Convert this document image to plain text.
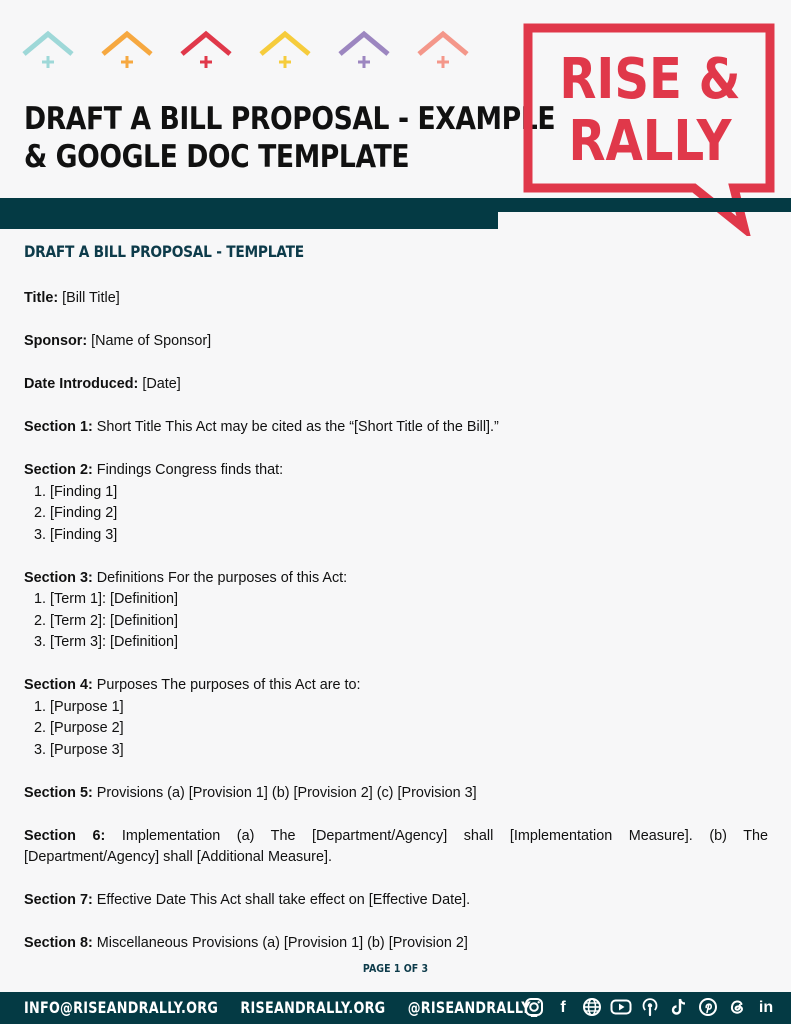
DRAFT A BILL PROPOSAL - EXAMPLE
& GOOGLE DOC TEMPLATE
RISE &
RALLY
DRAFT A BILL PROPOSAL - TEMPLATE

Title: [Bill Title]

Sponsor: [Name of Sponsor]

Date Introduced: [Date]

Section 1: Short Title This Act may be cited as the “[Short Title of the Bill].”

Section 2: Findings Congress finds that:
1. [Finding 1]
2. [Finding 2]
3. [Finding 3]
Section 3: Definitions For the purposes of this Act:
1. [Term 1]: [Definition]
2. [Term 2]: [Definition]
3. [Term 3]: [Definition]
Section 4: Purposes The purposes of this Act are to:
1. [Purpose 1]
2. [Purpose 2]
3. [Purpose 3]

Section 5: Provisions (a) [Provision 1] (b) [Provision 2] (c) [Provision 3]

Section 6: Implementation (a) The [Department/Agency] shall [Implementation Measure]. (b) The [Department/Agency] shall [Additional Measure].

Section 7: Effective Date This Act shall take effect on [Effective Date].

Section 8: Miscellaneous Provisions (a) [Provision 1] (b) [Provision 2]

PAGE 1 OF 3
INFO@RISEANDRALLY.ORG RISEANDRALLY.ORG @RISEANDRALLY_	f	in
